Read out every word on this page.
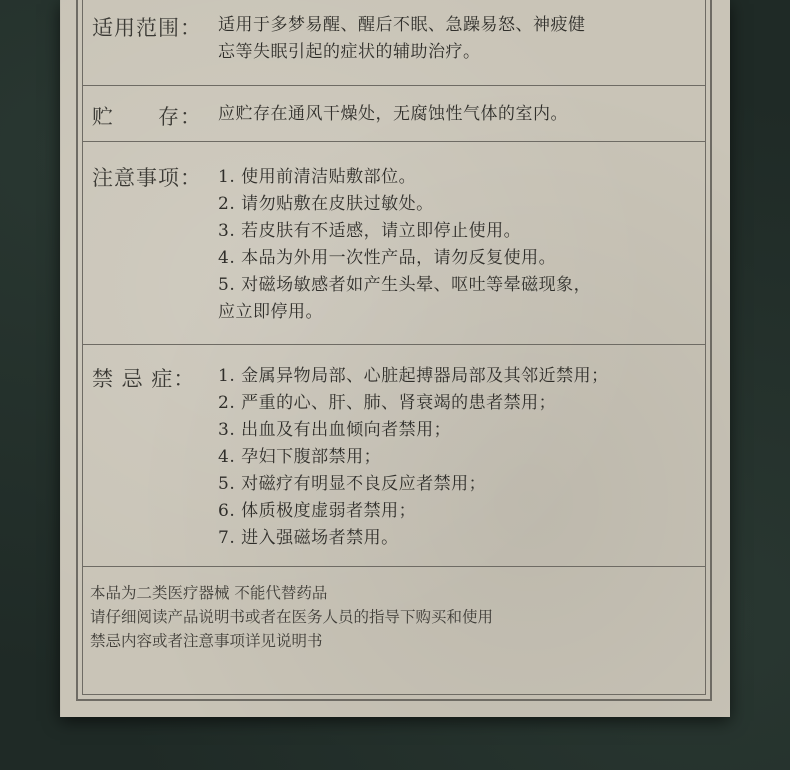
适用范围： 适用于多梦易醒、醒后不眠、急躁易怒、神疲健
忘等失眠引起的症状的辅助治疗。
贮　　存： 应贮存在通风干燥处，无腐蚀性气体的室内。
注意事项： 1. 使用前清洁贴敷部位。
2. 请勿贴敷在皮肤过敏处。
3. 若皮肤有不适感，请立即停止使用。
4. 本品为外用一次性产品，请勿反复使用。
5. 对磁场敏感者如产生头晕、呕吐等晕磁现象，
应立即停用。
禁 忌 症： 1. 金属异物局部、心脏起搏器局部及其邻近禁用；
2. 严重的心、肝、肺、肾衰竭的患者禁用；
3. 出血及有出血倾向者禁用；
4. 孕妇下腹部禁用；
5. 对磁疗有明显不良反应者禁用；
6. 体质极度虚弱者禁用；
7. 进入强磁场者禁用。
本品为二类医疗器械 不能代替药品
请仔细阅读产品说明书或者在医务人员的指导下购买和使用
禁忌内容或者注意事项详见说明书
